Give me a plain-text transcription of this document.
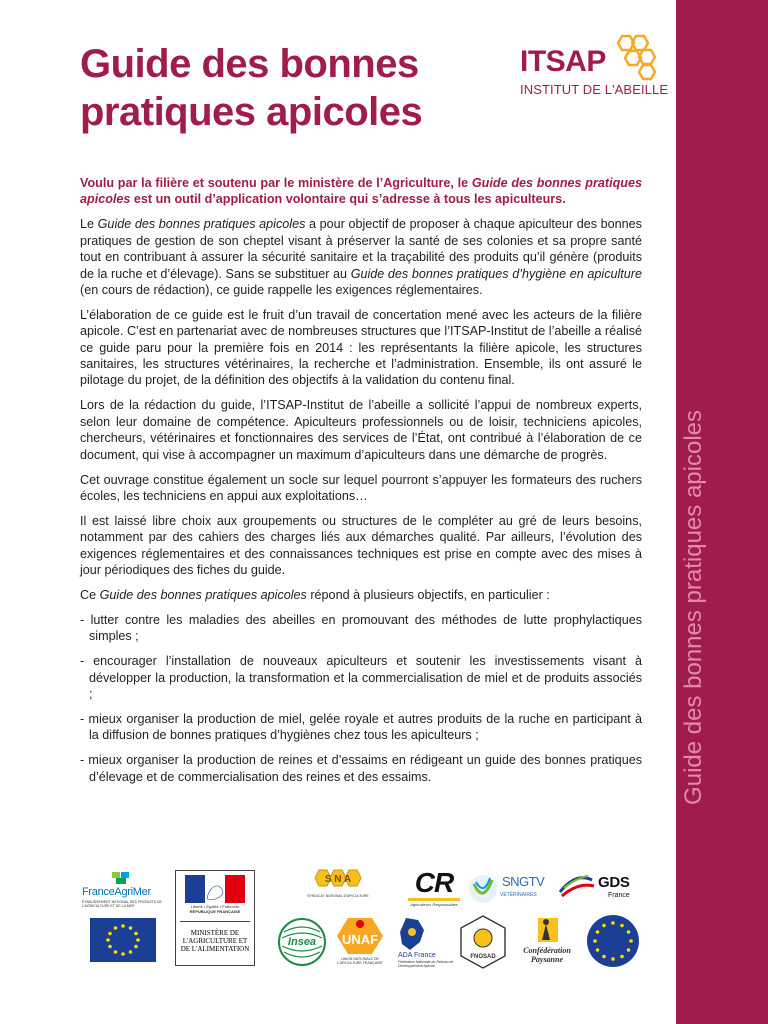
Guide des bonnes pratiques apicoles
Guide des bonnes
pratiques apicoles
ITSAP
INSTITUT DE L'ABEILLE

Voulu par la filière et soutenu par le ministère de l’Agriculture, le Guide des bonnes pratiques apicoles est un outil d’application volontaire qui s’adresse à tous les apiculteurs.

Le Guide des bonnes pratiques apicoles a pour objectif de proposer à chaque apiculteur des bonnes pratiques de gestion de son cheptel visant à préserver la santé de ses colonies et sa propre santé tout en contribuant à assurer la sécurité sanitaire et la traçabilité des produits qu’il génère (produits de la ruche et d’élevage). Sans se substituer au Guide des bonnes pratiques d’hygiène en apiculture (en cours de rédaction), ce guide rappelle les exigences réglementaires.

L’élaboration de ce guide est le fruit d’un travail de concertation mené avec les acteurs de la filière apicole. C’est en partenariat avec de nombreuses structures que l’ITSAP-Institut de l’abeille a réalisé ce guide paru pour la première fois en 2014 : les représentants la filière apicole, les structures sanitaires, les structures vétérinaires, la recherche et l’administration. Ensemble, ils ont assuré le pilotage du projet, de la définition des objectifs à la validation du contenu final.

Lors de la rédaction du guide, l’ITSAP-Institut de l’abeille a sollicité l’appui de nombreux experts, selon leur domaine de compétence. Apiculteurs professionnels ou de loisir, techniciens apicoles, chercheurs, vétérinaires et fonctionnaires des services de l’État, ont contribué à l’élaboration de ce document, qui vise à accompagner un maximum d’apiculteurs dans une démarche de progrès.

Cet ouvrage constitue également un socle sur lequel pourront s’appuyer les formateurs des ruchers écoles, les techniciens en appui aux exploitations…

Il est laissé libre choix aux groupements ou structures de le compléter au gré de leurs besoins, notamment par des cahiers des charges liés aux démarches qualité. Par ailleurs, l’évolution des exigences réglementaires et des connaissances techniques est prise en compte avec des mises à jour périodiques des fiches du guide.

Ce Guide des bonnes pratiques apicoles répond à plusieurs objectifs, en particulier :

- lutter contre les maladies des abeilles en promouvant des méthodes de lutte prophylactiques simples ;

- encourager l’installation de nouveaux apiculteurs et soutenir les investissements visant à développer la production, la transformation et la commercialisation de miel et de produits associés ;

- mieux organiser la production de miel, gelée royale et autres produits de la ruche en participant à la diffusion de bonnes pratiques d’hygiènes chez tous les apiculteurs ;

- mieux organiser la production de reines et d’essaims en rédigeant un guide des bonnes pratiques d’élevage et de commercialisation des reines et des essaims.

FranceAgriMer
ÉTABLISSEMENT NATIONAL DES PRODUITS DE L'AGRICULTURE ET DE LA MER	Liberté • Égalité • Fraternité
RÉPUBLIQUE FRANÇAISE
MINISTÈRE DE L'AGRICULTURE ET DE L'ALIMENTATION
S N A
SYNDICAT NATIONAL D'APICULTURE
Insea	UNAF
UNION NATIONALE DE L'APICULTURE FRANÇAISE
CR
Agriculteurs Responsables
ADA France
Fédération Nationale du Réseau de Développement Apicole
SNGTV
VÉTÉRINAIRES
FNOSAD
Confédération Paysanne
GDS
France
